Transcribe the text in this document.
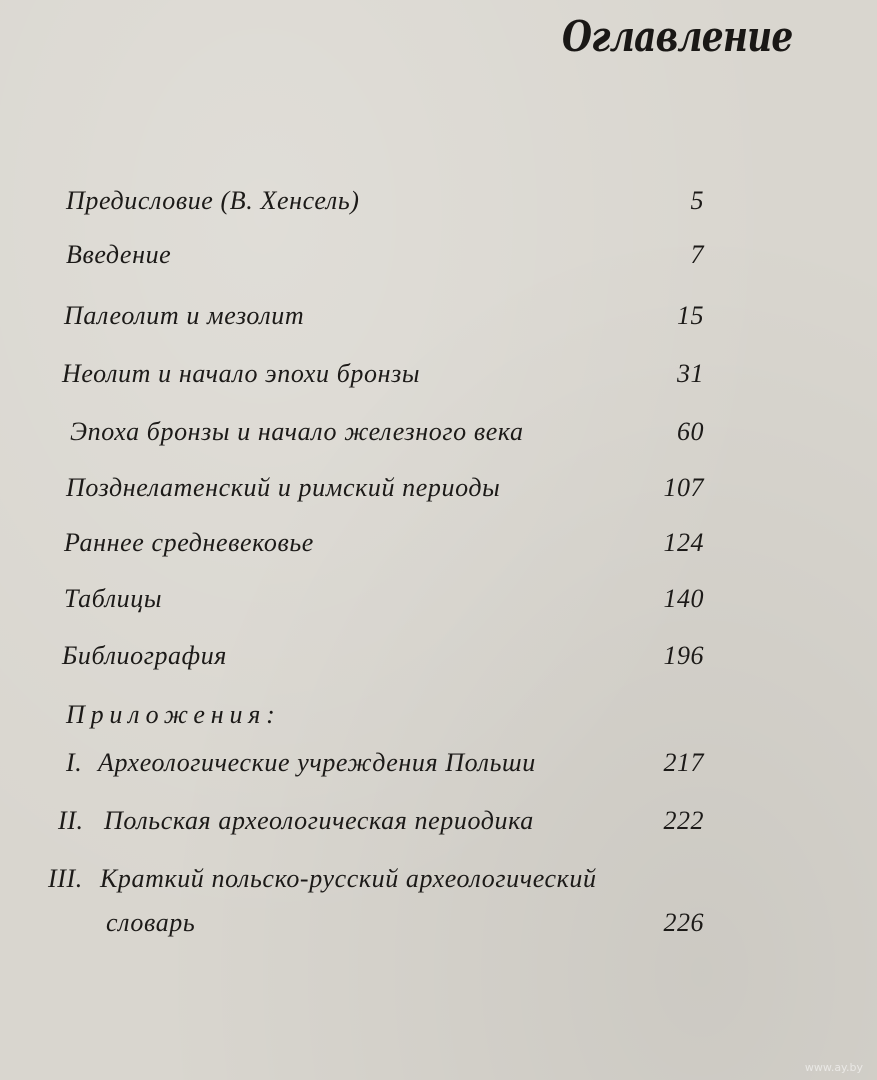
Оглавление
Предисловие (В. Хенсель)	5
Введение	7
Палеолит и мезолит	15
Неолит и начало эпохи бронзы	31
Эпоха бронзы и начало железного века	60
Позднелатенский и римский периоды	107
Раннее средневековье	124
Таблицы	140
Библиография	196
Приложения:
I. Археологические учреждения Польши	217
II. Польская археологическая периодика	222
III. Краткий польско-русский археологический
словарь	226
www.ay.by
